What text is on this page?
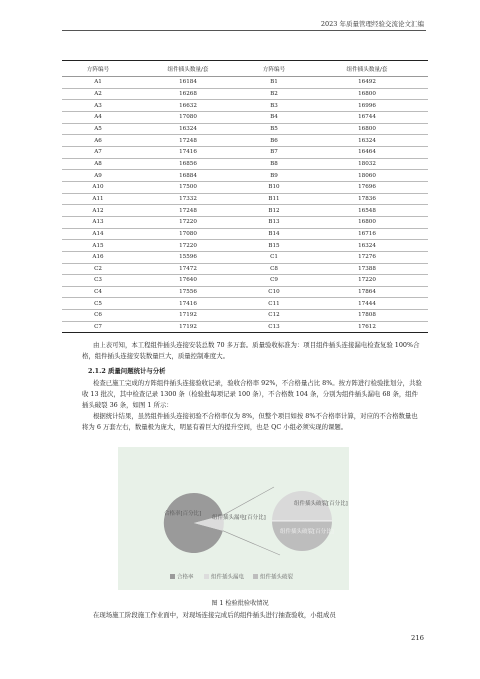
2023 年质量管理经验交流论文汇编
方阵编号	组件插头数量/套	方阵编号	组件插头数量/套
A1	16184	B1	16492
A2	16268	B2	16800
A3	16632	B3	16996
A4	17080	B4	16744
A5	16324	B5	16800
A6	17248	B6	16324
A7	17416	B7	16464
A8	16856	B8	18032
A9	16884	B9	18060
A10	17500	B10	17696
A11	17332	B11	17836
A12	17248	B12	16548
A13	17220	B13	16800
A14	17080	B14	16716
A15	17220	B15	16324
A16	15596	C1	17276
C2	17472	C8	17388
C3	17640	C9	17220
C4	17556	C10	17864
C5	17416	C11	17444
C6	17192	C12	17808
C7	17192	C13	17612

由上表可知，本工程组件插头连接安装总数 70 多万套。质量验收标准为：项目组件插头连接漏电检查复验 100%合格，组件插头连接安装数量巨大，质量控制难度大。

2.1.2 质量问题统计与分析

检查已施工完成的方阵组件插头连接验收记录，验收合格率 92%，不合格量占比 8%。按方阵进行检验批划分，共验收 13 批次，其中检查记录 1300 条（检验批每项记录 100 条），不合格数 104 条，分别为组件插头漏电 68 条，组件插头破裂 36 条，如图 1 所示：

根据统计结果，虽然组件插头连接初验不合格率仅为 8%，但整个项目如按 8%不合格率计算，对应的不合格数量也将为 6 万套左右，数量极为庞大，明显有着巨大的提升空间，也是 QC 小组必须实现的课题。

合格率[百分比]
组件插头漏电[百分比]
组件插头破裂[百分比]
组件插头破裂[百分比]
合格率	组件插头漏电	组件插头破裂
图 1 检验批验收情况

在现场施工阶段施工作业面中，对现场连接完成后的组件插头进行抽查验收，小组成员

216
